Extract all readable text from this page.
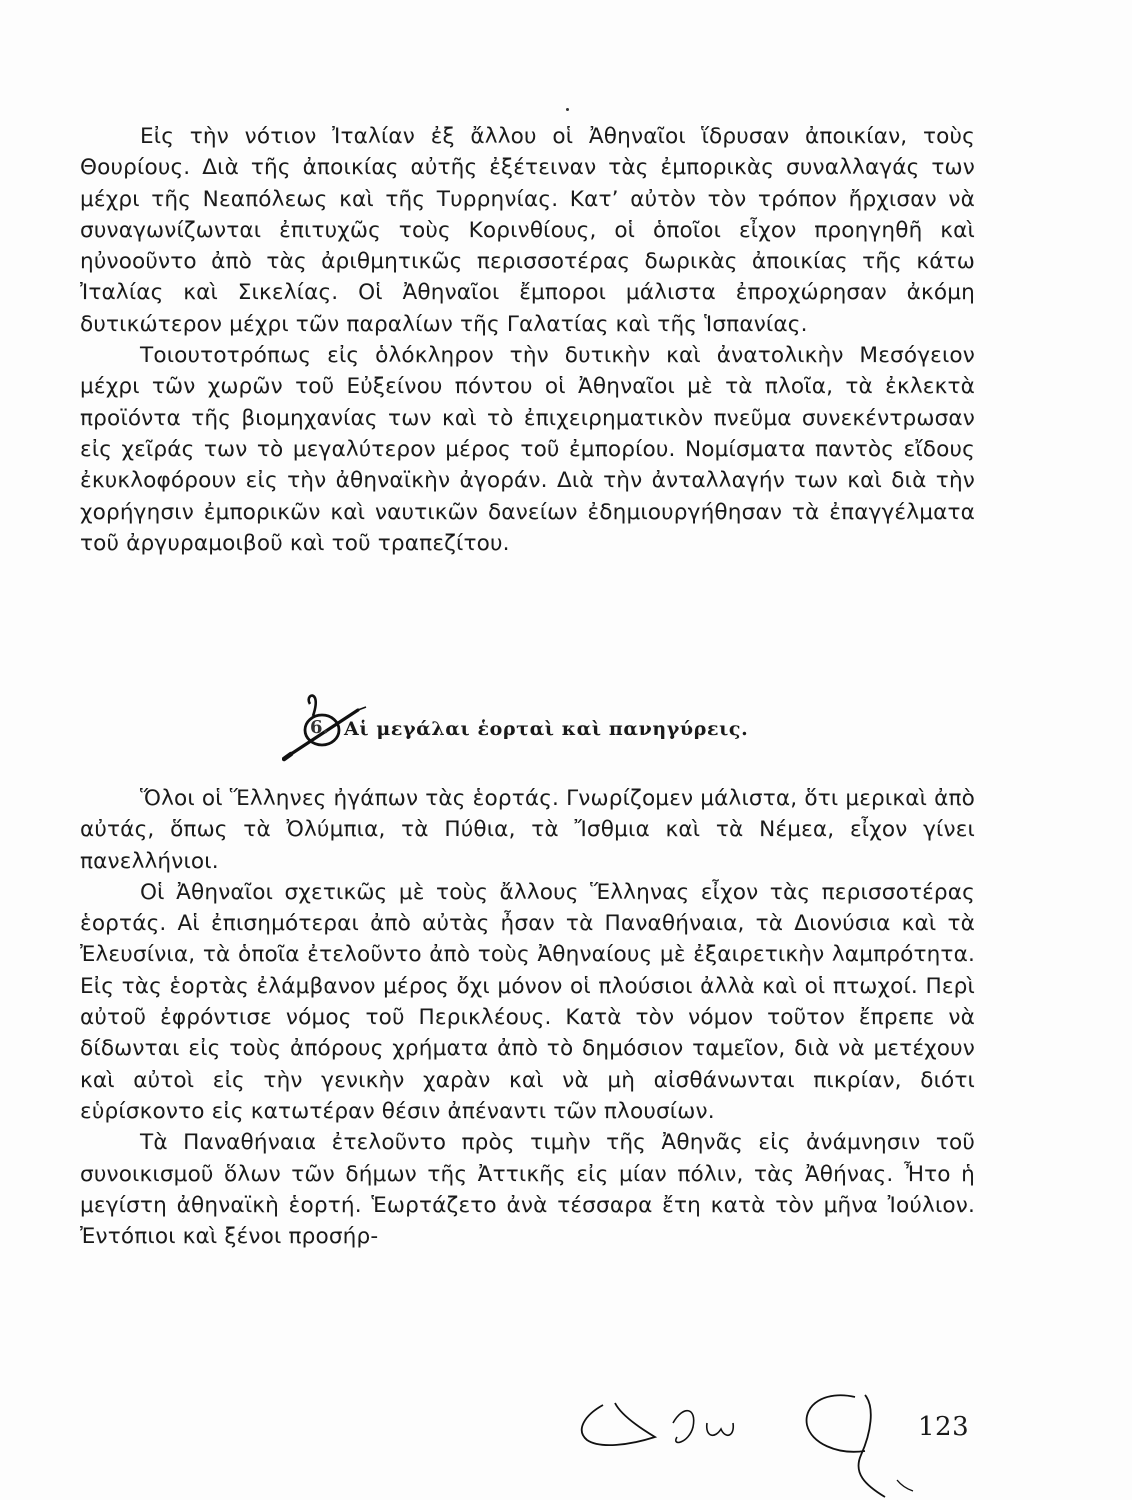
Εἰς τὴν νότιον Ἰταλίαν ἐξ ἄλλου οἱ Ἀθηναῖοι ἵδρυσαν ἀποικίαν, τοὺς Θουρίους. Διὰ τῆς ἀποικίας αὐτῆς ἐξέτειναν τὰς ἐμπορικὰς συναλλαγάς των μέχρι τῆς Νεαπόλεως καὶ τῆς Τυρρηνίας. Κατ’ αὐτὸν τὸν τρόπον ἤρχισαν νὰ συναγωνίζωνται ἐπιτυχῶς τοὺς Κορινθίους, οἱ ὁποῖοι εἶχον προηγηθῆ καὶ ηὐνοοῦντο ἀπὸ τὰς ἀριθμητικῶς περισσοτέρας δωρικὰς ἀποικίας τῆς κάτω Ἰταλίας καὶ Σικελίας. Οἱ Ἀθηναῖοι ἔμποροι μάλιστα ἐπροχώρησαν ἀκόμη δυτικώτερον μέχρι τῶν παραλίων τῆς Γαλατίας καὶ τῆς Ἱσπανίας.

Τοιουτοτρόπως εἰς ὁλόκληρον τὴν δυτικὴν καὶ ἀνατολικὴν Μεσόγειον μέχρι τῶν χωρῶν τοῦ Εὐξείνου πόντου οἱ Ἀθηναῖοι μὲ τὰ πλοῖα, τὰ ἐκλεκτὰ προϊόντα τῆς βιομηχανίας των καὶ τὸ ἐπιχειρηματικὸν πνεῦμα συνεκέντρωσαν εἰς χεῖράς των τὸ μεγαλύτερον μέρος τοῦ ἐμπορίου. Νομίσματα παντὸς εἴδους ἐκυκλοφόρουν εἰς τὴν ἀθηναϊκὴν ἀγοράν. Διὰ τὴν ἀνταλλαγήν των καὶ διὰ τὴν χορήγησιν ἐμπορικῶν καὶ ναυτικῶν δανείων ἐδημιουργήθησαν τὰ ἐπαγγέλματα τοῦ ἀργυραμοιβοῦ καὶ τοῦ τραπεζίτου.

6. Αἱ μεγάλαι ἑορταὶ καὶ πανηγύρεις.

Ὅλοι οἱ Ἕλληνες ἠγάπων τὰς ἑορτάς. Γνωρίζομεν μάλιστα, ὅτι μερικαὶ ἀπὸ αὐτάς, ὅπως τὰ Ὀλύμπια, τὰ Πύθια, τὰ Ἴσθμια καὶ τὰ Νέμεα, εἶχον γίνει πανελλήνιοι.

Οἱ Ἀθηναῖοι σχετικῶς μὲ τοὺς ἄλλους Ἕλληνας εἶχον τὰς περισσοτέρας ἑορτάς. Αἱ ἐπισημότεραι ἀπὸ αὐτὰς ἦσαν τὰ Παναθήναια, τὰ Διονύσια καὶ τὰ Ἐλευσίνια, τὰ ὁποῖα ἐτελοῦντο ἀπὸ τοὺς Ἀθηναίους μὲ ἐξαιρετικὴν λαμπρότητα. Εἰς τὰς ἑορτὰς ἐλάμβανον μέρος ὄχι μόνον οἱ πλούσιοι ἀλλὰ καὶ οἱ πτωχοί. Περὶ αὐτοῦ ἐφρόντισε νόμος τοῦ Περικλέους. Κατὰ τὸν νόμον τοῦτον ἔπρεπε νὰ δίδωνται εἰς τοὺς ἀπόρους χρήματα ἀπὸ τὸ δημόσιον ταμεῖον, διὰ νὰ μετέχουν καὶ αὐτοὶ εἰς τὴν γενικὴν χαρὰν καὶ νὰ μὴ αἰσθάνωνται πικρίαν, διότι εὑρίσκοντο εἰς κατωτέραν θέσιν ἀπέναντι τῶν πλουσίων.

Τὰ Παναθήναια ἐτελοῦντο πρὸς τιμὴν τῆς Ἀθηνᾶς εἰς ἀνάμνησιν τοῦ συνοικισμοῦ ὅλων τῶν δήμων τῆς Ἀττικῆς εἰς μίαν πόλιν, τὰς Ἀθήνας. Ἦτο ἡ μεγίστη ἀθηναϊκὴ ἑορτή. Ἑωρτάζετο ἀνὰ τέσσαρα ἔτη κατὰ τὸν μῆνα Ἰούλιον. Ἐντόπιοι καὶ ξένοι προσήρ-

123
